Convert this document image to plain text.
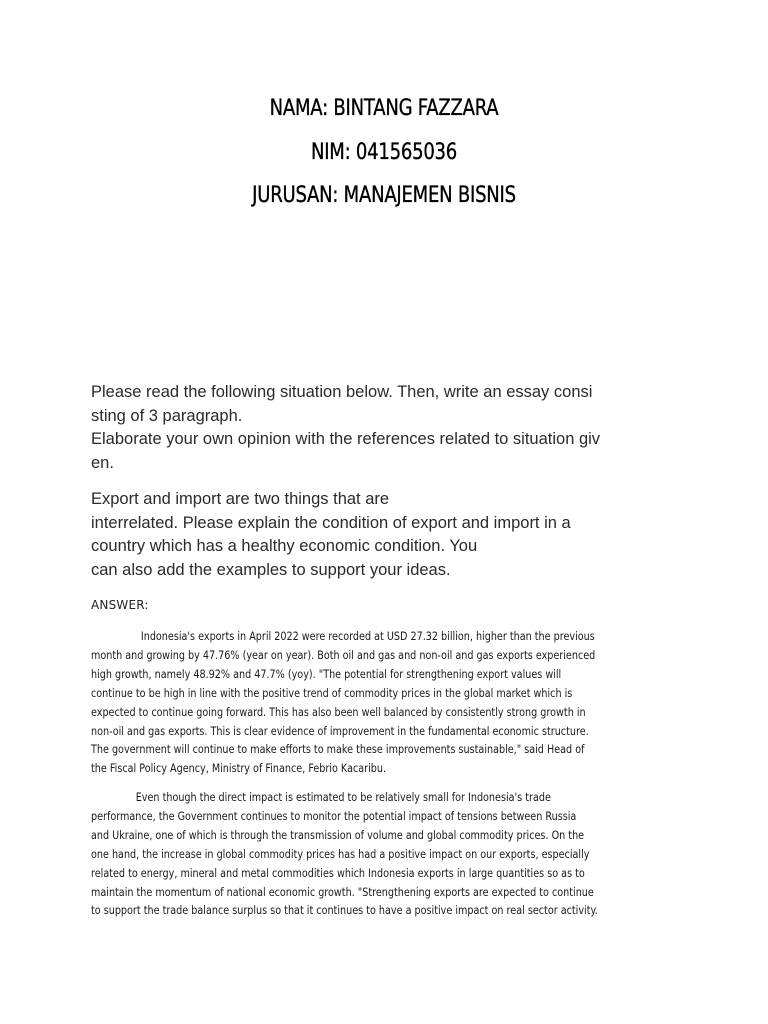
NAMA: BINTANG FAZZARA
NIM: 041565036
JURUSAN: MANAJEMEN BISNIS

Please read the following situation below. Then, write an essay consi
sting of 3 paragraph.
Elaborate your own opinion with the references related to situation giv
en.

Export and import are two things that are
interrelated. Please explain the condition of export and import in a
country which has a healthy economic condition. You
can also add the examples to support your ideas.

ANSWER:
Indonesia's exports in April 2022 were recorded at USD 27.32 billion, higher than the previous
month and growing by 47.76% (year on year). Both oil and gas and non-oil and gas exports experienced
high growth, namely 48.92% and 47.7% (yoy). "The potential for strengthening export values will
continue to be high in line with the positive trend of commodity prices in the global market which is
expected to continue going forward. This has also been well balanced by consistently strong growth in
non-oil and gas exports. This is clear evidence of improvement in the fundamental economic structure.
The government will continue to make efforts to make these improvements sustainable," said Head of
the Fiscal Policy Agency, Ministry of Finance, Febrio Kacaribu.
Even though the direct impact is estimated to be relatively small for Indonesia's trade
performance, the Government continues to monitor the potential impact of tensions between Russia
and Ukraine, one of which is through the transmission of volume and global commodity prices. On the
one hand, the increase in global commodity prices has had a positive impact on our exports, especially
related to energy, mineral and metal commodities which Indonesia exports in large quantities so as to
maintain the momentum of national economic growth. "Strengthening exports are expected to continue
to support the trade balance surplus so that it continues to have a positive impact on real sector activity.
